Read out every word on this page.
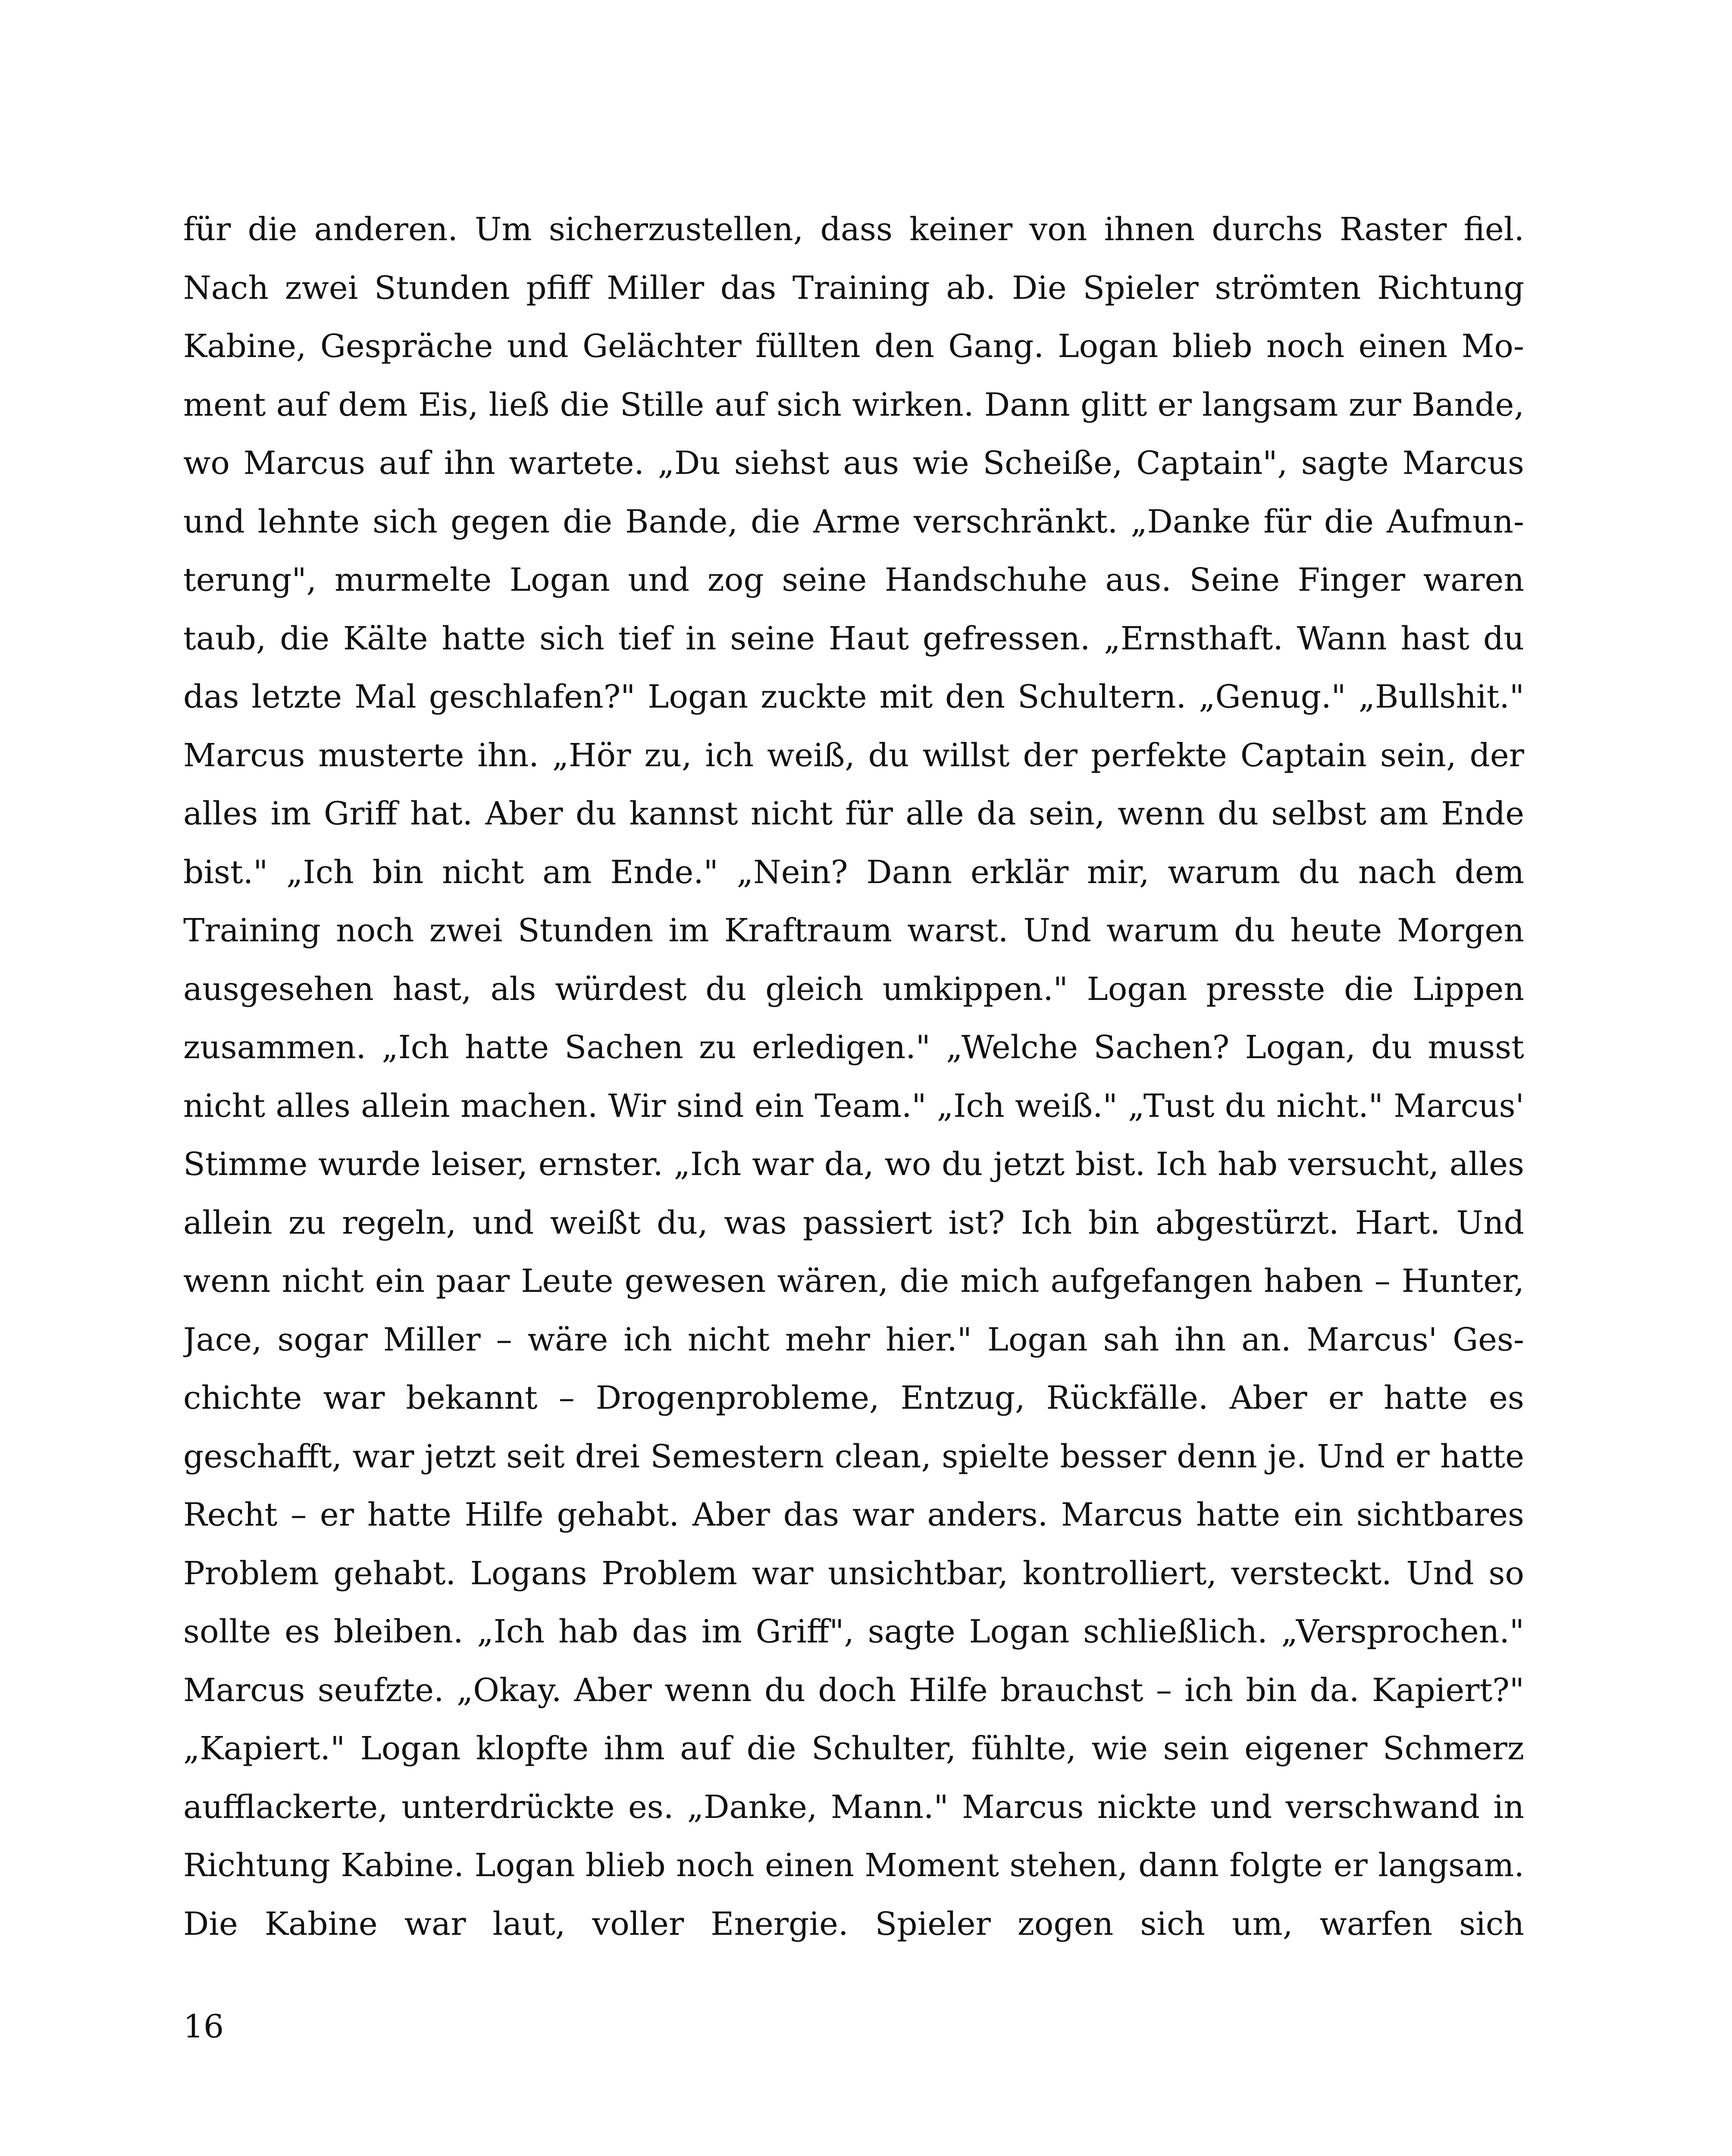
für die anderen. Um sicherzustellen, dass keiner von ihnen durchs Raster fiel.
Nach zwei Stunden pfiff Miller das Training ab. Die Spieler strömten Richtung
Kabine, Gespräche und Gelächter füllten den Gang. Logan blieb noch einen Mo-
ment auf dem Eis, ließ die Stille auf sich wirken. Dann glitt er langsam zur Bande,
wo Marcus auf ihn wartete. „Du siehst aus wie Scheiße, Captain", sagte Marcus
und lehnte sich gegen die Bande, die Arme verschränkt. „Danke für die Aufmun-
terung", murmelte Logan und zog seine Handschuhe aus. Seine Finger waren
taub, die Kälte hatte sich tief in seine Haut gefressen. „Ernsthaft. Wann hast du
das letzte Mal geschlafen?" Logan zuckte mit den Schultern. „Genug." „Bullshit."
Marcus musterte ihn. „Hör zu, ich weiß, du willst der perfekte Captain sein, der
alles im Griff hat. Aber du kannst nicht für alle da sein, wenn du selbst am Ende
bist." „Ich bin nicht am Ende." „Nein? Dann erklär mir, warum du nach dem
Training noch zwei Stunden im Kraftraum warst. Und warum du heute Morgen
ausgesehen hast, als würdest du gleich umkippen." Logan presste die Lippen
zusammen. „Ich hatte Sachen zu erledigen." „Welche Sachen? Logan, du musst
nicht alles allein machen. Wir sind ein Team." „Ich weiß." „Tust du nicht." Marcus'
Stimme wurde leiser, ernster. „Ich war da, wo du jetzt bist. Ich hab versucht, alles
allein zu regeln, und weißt du, was passiert ist? Ich bin abgestürzt. Hart. Und
wenn nicht ein paar Leute gewesen wären, die mich aufgefangen haben – Hunter,
Jace, sogar Miller – wäre ich nicht mehr hier." Logan sah ihn an. Marcus' Ges-
chichte war bekannt – Drogenprobleme, Entzug, Rückfälle. Aber er hatte es
geschafft, war jetzt seit drei Semestern clean, spielte besser denn je. Und er hatte
Recht – er hatte Hilfe gehabt. Aber das war anders. Marcus hatte ein sichtbares
Problem gehabt. Logans Problem war unsichtbar, kontrolliert, versteckt. Und so
sollte es bleiben. „Ich hab das im Griff", sagte Logan schließlich. „Versprochen."
Marcus seufzte. „Okay. Aber wenn du doch Hilfe brauchst – ich bin da. Kapiert?"
„Kapiert." Logan klopfte ihm auf die Schulter, fühlte, wie sein eigener Schmerz
aufflackerte, unterdrückte es. „Danke, Mann." Marcus nickte und verschwand in
Richtung Kabine. Logan blieb noch einen Moment stehen, dann folgte er langsam.
Die Kabine war laut, voller Energie. Spieler zogen sich um, warfen sich
16
